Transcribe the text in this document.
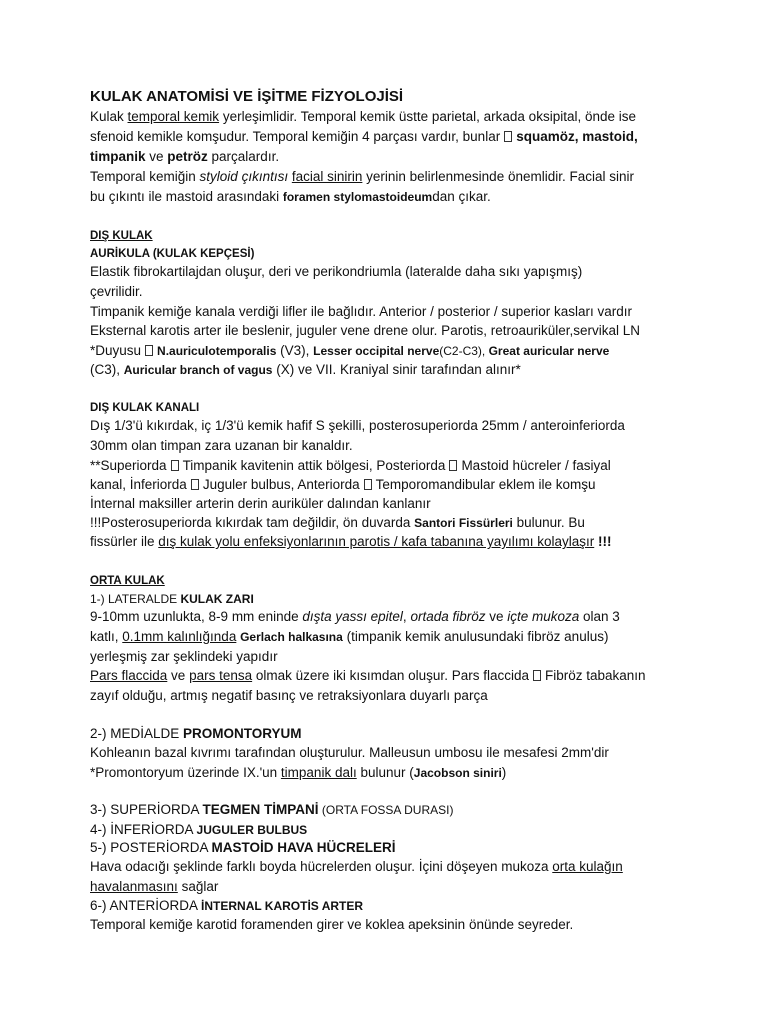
KULAK ANATOMİSİ VE İŞİTME FİZYOLOJİSİ
Kulak temporal kemik yerleşimlidir. Temporal kemik üstte parietal, arkada oksipital, önde ise
sfenoid kemikle komşudur. Temporal kemiğin 4 parçası vardır, bunlar squamöz, mastoid,
timpanik ve petröz parçalardır.
Temporal kemiğin styloid çıkıntısı facial sinirin yerinin belirlenmesinde önemlidir. Facial sinir
bu çıkıntı ile mastoid arasındaki foramen stylomastoideumdan çıkar.
DIŞ KULAK
AURİKULA (KULAK KEPÇESİ)
Elastik fibrokartilajdan oluşur, deri ve perikondriumla (lateralde daha sıkı yapışmış)
çevrilidir.
Timpanik kemiğe kanala verdiği lifler ile bağlıdır. Anterior / posterior / superior kasları vardır
Eksternal karotis arter ile beslenir, juguler vene drene olur. Parotis, retroauriküler,servikal LN
*Duyusu N.auriculotemporalis (V3), Lesser occipital nerve(C2-C3), Great auricular nerve
(C3), Auricular branch of vagus (X) ve VII. Kraniyal sinir tarafından alınır*
DIŞ KULAK KANALI
Dış 1/3'ü kıkırdak, iç 1/3'ü kemik hafif S şekilli, posterosuperiorda 25mm / anteroinferiorda
30mm olan timpan zara uzanan bir kanaldır.
**Superiorda Timpanik kavitenin attik bölgesi, Posteriorda Mastoid hücreler / fasiyal
kanal, İnferiorda Juguler bulbus, Anteriorda Temporomandibular eklem ile komşu
İnternal maksiller arterin derin auriküler dalından kanlanır
!!!Posterosuperiorda kıkırdak tam değildir, ön duvarda Santori Fissürleri bulunur. Bu
fissürler ile dış kulak yolu enfeksiyonlarının parotis / kafa tabanına yayılımı kolaylaşır !!!
ORTA KULAK
1-) LATERALDE KULAK ZARI
9-10mm uzunlukta, 8-9 mm eninde dışta yassı epitel, ortada fibröz ve içte mukoza olan 3
katlı, 0.1mm kalınlığında Gerlach halkasına (timpanik kemik anulusundaki fibröz anulus)
yerleşmiş zar şeklindeki yapıdır
Pars flaccida ve pars tensa olmak üzere iki kısımdan oluşur. Pars flaccida Fibröz tabakanın
zayıf olduğu, artmış negatif basınç ve retraksiyonlara duyarlı parça
2-) MEDİALDE PROMONTORYUM
Kohleanın bazal kıvrımı tarafından oluşturulur. Malleusun umbosu ile mesafesi 2mm'dir
*Promontoryum üzerinde IX.'un timpanik dalı bulunur (Jacobson siniri)
3-) SUPERİORDA TEGMEN TİMPANİ (ORTA FOSSA DURASI)
4-) İNFERİORDA JUGULER BULBUS
5-) POSTERİORDA MASTOİD HAVA HÜCRELERİ
Hava odacığı şeklinde farklı boyda hücrelerden oluşur. İçini döşeyen mukoza orta kulağın
havalanmasını sağlar
6-) ANTERİORDA İNTERNAL KAROTİS ARTER
Temporal kemiğe karotid foramenden girer ve koklea apeksinin önünde seyreder.
